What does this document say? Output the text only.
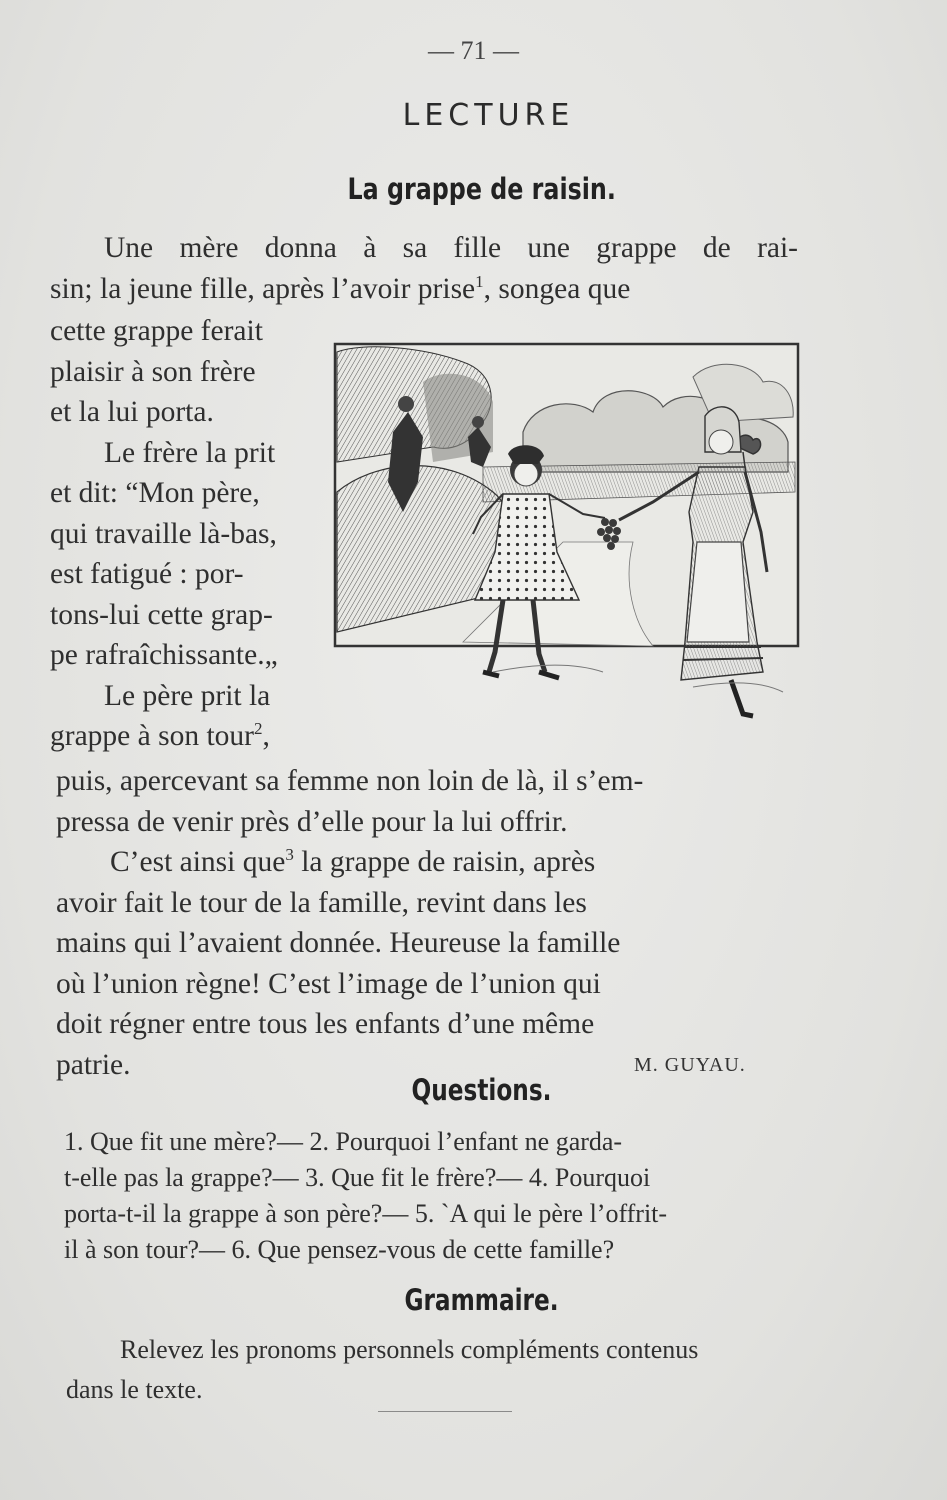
— 71 —
LECTURE
La grappe de raisin.
Une mère donna à sa fille une grappe de rai-
sin; la jeune fille, après l’avoir prise$^1$, songea que
cette grappe ferait
plaisir à son frère
et la lui porta.
Le frère la prit
et dit: “Mon père,
qui travaille là-bas,
est fatigué : por-
tons-lui cette grap-
pe rafraîchissante.„
Le père prit la
grappe à son tour$^2$,
puis, apercevant sa femme non loin de là, il s’em-
pressa de venir près d’elle pour la lui offrir.
C’est ainsi que$^3$ la grappe de raisin, après
avoir fait le tour de la famille, revint dans les
mains qui l’avaient donnée. Heureuse la famille
où l’union règne! C’est l’image de l’union qui
doit régner entre tous les enfants d’une même
patrie.	M. GUYAU.
Questions.
1. Que fit une mère?— 2. Pourquoi l’enfant ne garda-
t-elle pas la grappe?— 3. Que fit le frère?— 4. Pourquoi
porta-t-il la grappe à son père?— 5. `A qui le père l’offrit-
il à son tour?— 6. Que pensez-vous de cette famille?
Grammaire.
Relevez les pronoms personnels compléments contenus
dans le texte.
